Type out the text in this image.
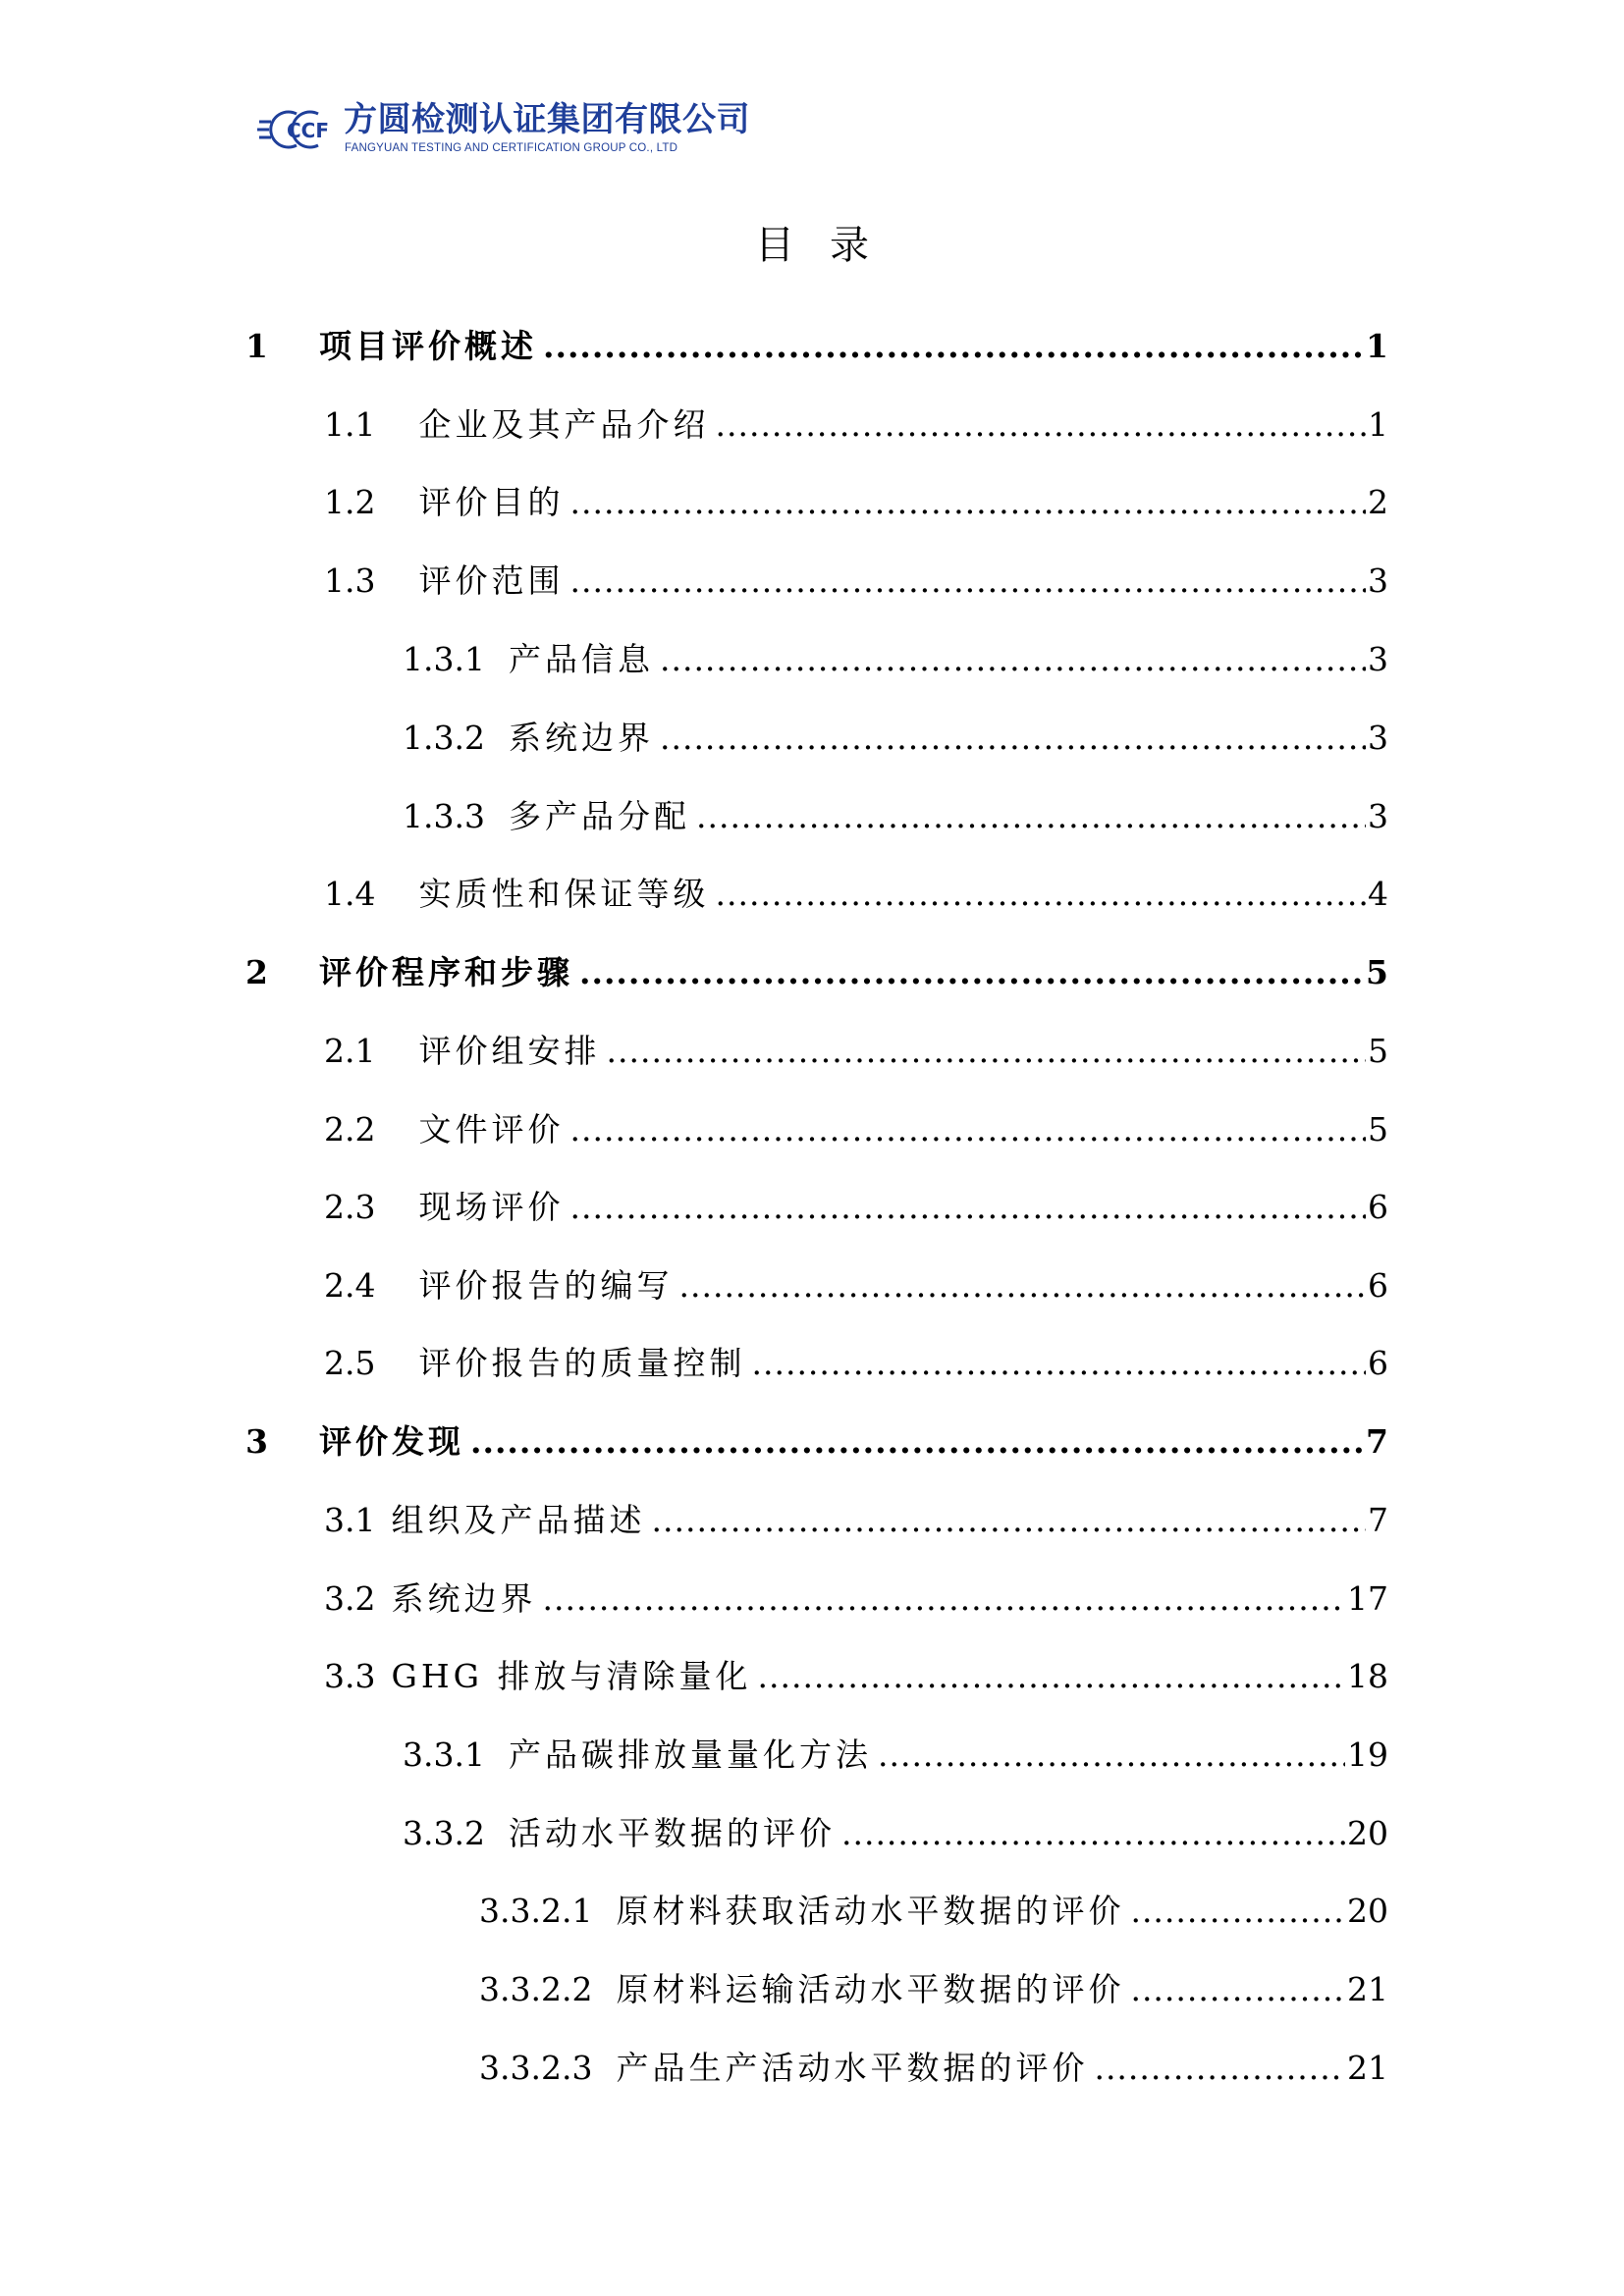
CCF 方圆检测认证集团有限公司
FANGYUAN TESTING AND CERTIFICATION GROUP CO., LTD
目录
1 项目评价概述 .....	1
1.1 企业及其产品介绍 .....	1
1.2 评价目的 .....	2
1.3 评价范围 .....	3
1.3.1 产品信息 .....	3
1.3.2 系统边界 .....	3
1.3.3 多产品分配 .....	3
1.4 实质性和保证等级 .....	4
2 评价程序和步骤 .....	5
2.1 评价组安排 .....	5
2.2 文件评价 .....	5
2.3 现场评价 .....	6
2.4 评价报告的编写 .....	6
2.5 评价报告的质量控制 .....	6
3 评价发现 .....	7
3.1 组织及产品描述 .....	7
3.2 系统边界 .....	17
3.3 GHG 排放与清除量化 .....	18
3.3.1 产品碳排放量量化方法 .....	19
3.3.2 活动水平数据的评价 .....	20
3.3.2.1 原材料获取活动水平数据的评价 .....	20
3.3.2.2 原材料运输活动水平数据的评价 .....	21
3.3.2.3 产品生产活动水平数据的评价 .....	21
